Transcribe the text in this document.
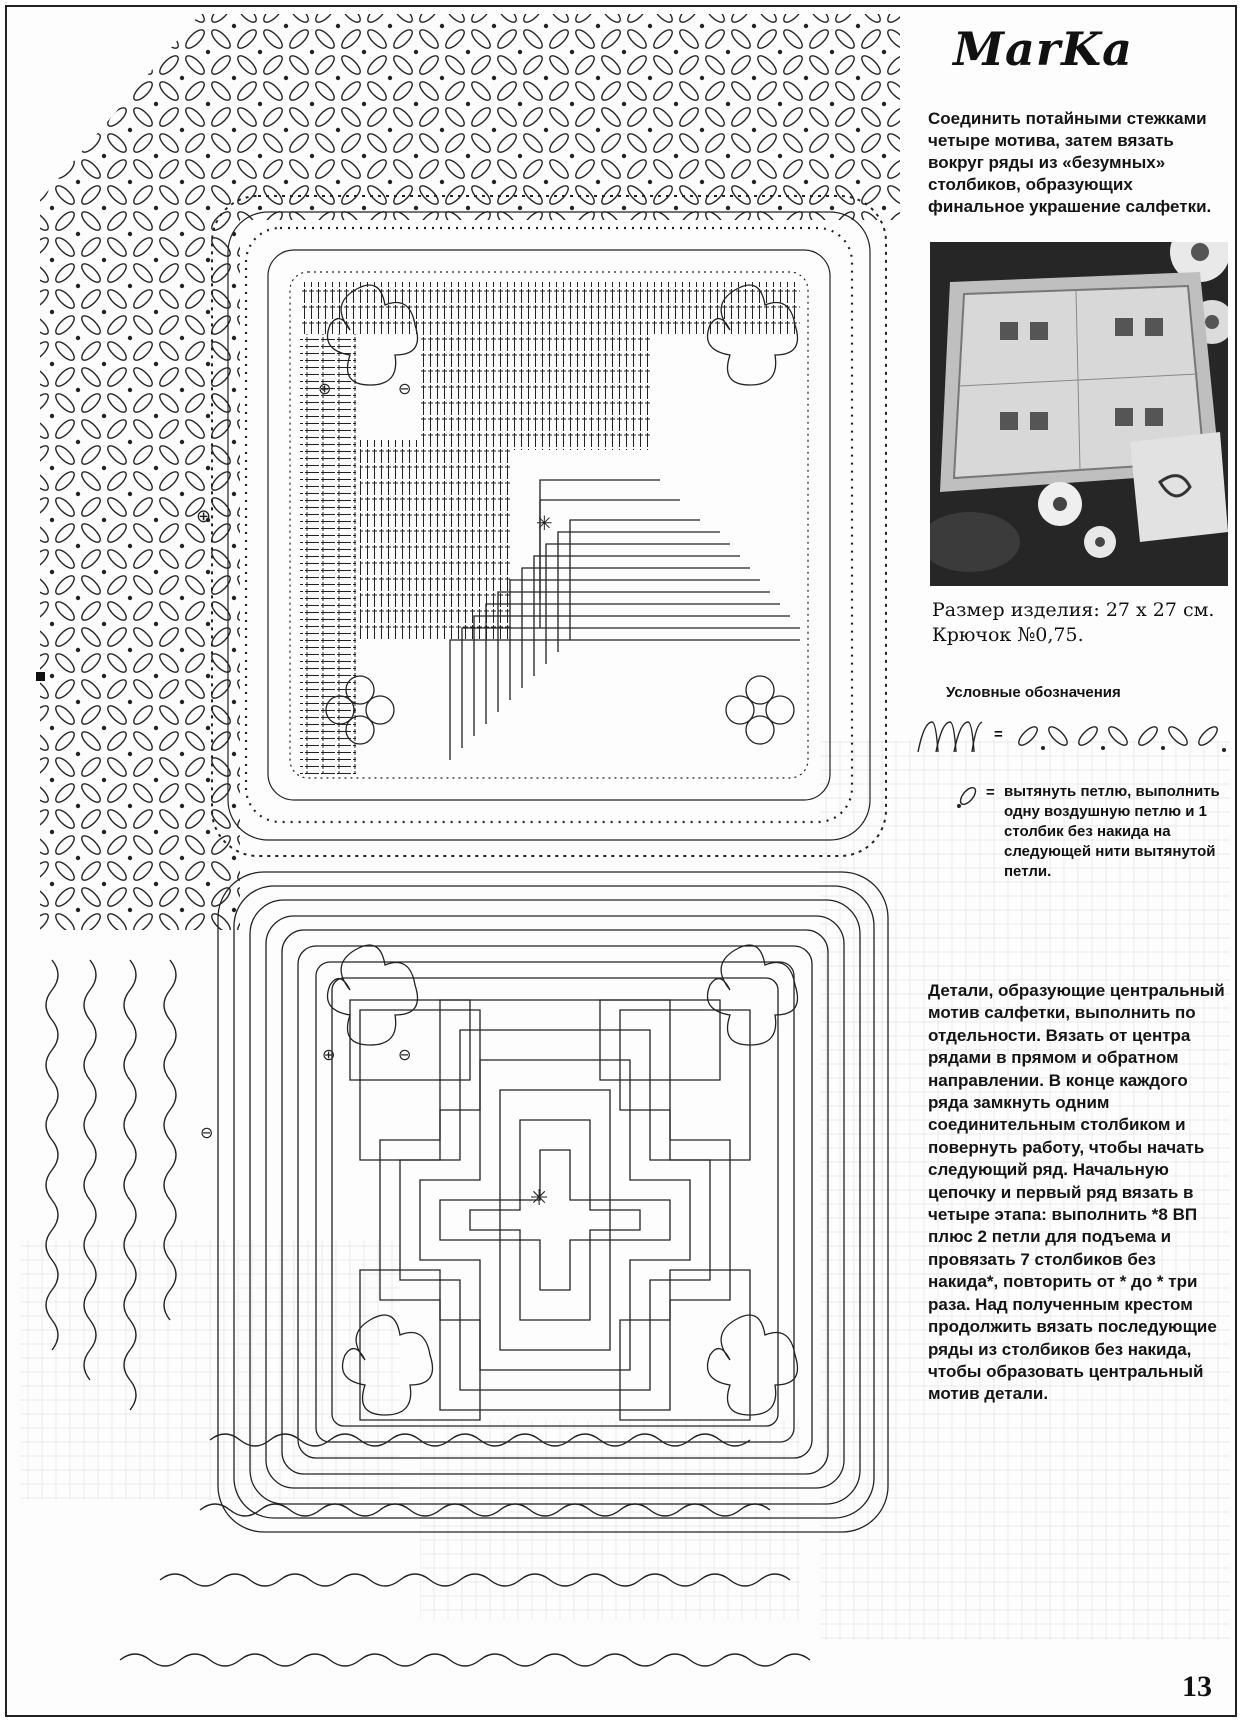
✳
✳
⊕	⊖
⊖
⊕	⊖
⊕
MarKa

Соединить потайными стежками четыре мотива, затем вязать вокруг ряды из «безумных» столбиков, образующих финальное украшение салфетки.

Размер изделия: 27 х 27 см.
Крючок №0,75.
Условные обозначения
=
= вытянуть петлю, выполнить одну воздушную петлю и 1 столбик без накида на следующей нити вытянутой петли.

Детали, образующие центральный мотив салфетки, выполнить по отдельности. Вязать от центра рядами в прямом и обратном направлении. В конце каждого ряда замкнуть одним соединительным столбиком и повернуть работу, чтобы начать следующий ряд. Начальную цепочку и первый ряд вязать в четыре этапа: выполнить *8 ВП плюс 2 петли для подъема и провязать 7 столбиков без накида*, повторить от * до * три раза. Над полученным крестом продолжить вязать последующие ряды из столбиков без накида, чтобы образовать центральный мотив детали.

13
